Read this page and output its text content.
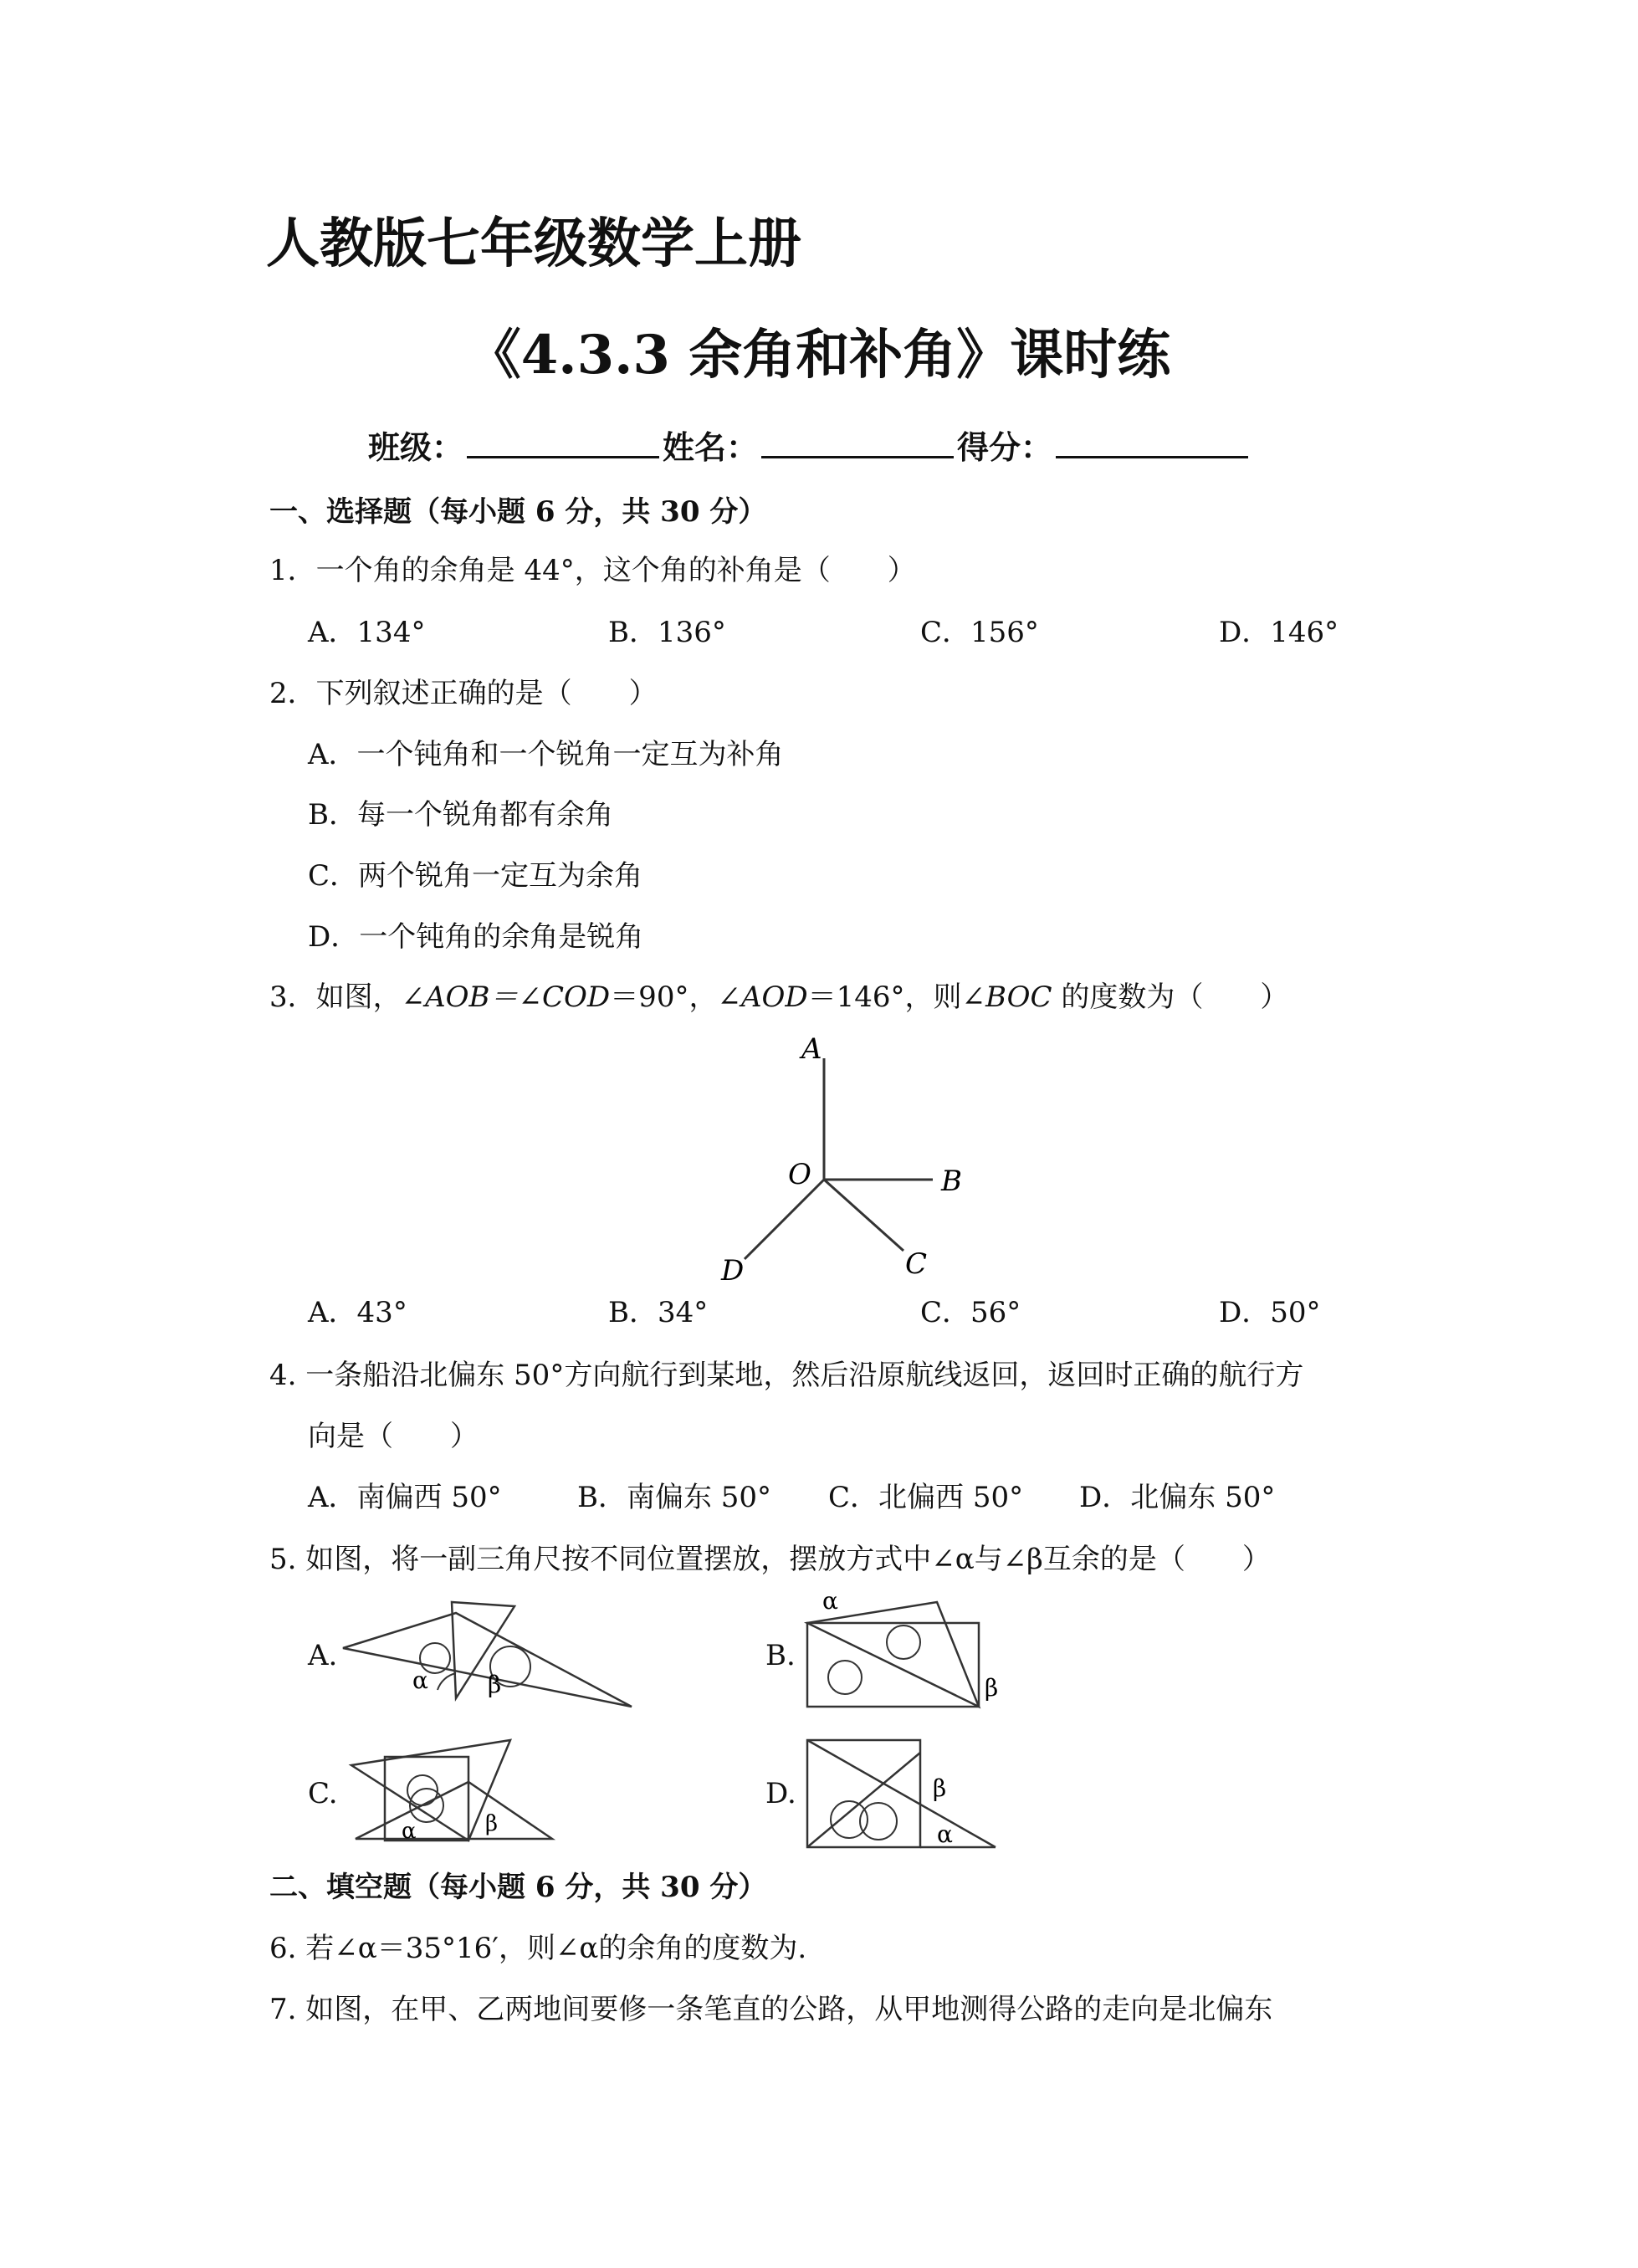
人教版七年级数学上册
《4.3.3 余角和补角》课时练
班级：	姓名：	得分：
一、选择题（每小题 6 分，共 30 分）
1．一个角的余角是 44°，这个角的补角是（　　）
A．134°	B．136°	C．156°	D．146°
2．下列叙述正确的是（　　）
A．一个钝角和一个锐角一定互为补角
B．每一个锐角都有余角
C．两个锐角一定互为余角
D．一个钝角的余角是锐角
3．如图，∠AOB＝∠COD＝90°，∠AOD＝146°，则∠BOC 的度数为（　　）
A
O	B
C
D
A．43°	B．34°	C．56°	D．50°
4. 一条船沿北偏东 50°方向航行到某地，然后沿原航线返回，返回时正确的航行方
向是（　　）
A．南偏西 50°	B．南偏东 50° C．北偏西 50° D．北偏东 50°
5. 如图，将一副三角尺按不同位置摆放，摆放方式中∠α与∠β互余的是（　　）
A.
α	β
B.
α
β
C.
α	β
D.	β
α
二、填空题（每小题 6 分，共 30 分）
6. 若∠α＝35°16′，则∠α的余角的度数为.
7. 如图，在甲、乙两地间要修一条笔直的公路，从甲地测得公路的走向是北偏东
